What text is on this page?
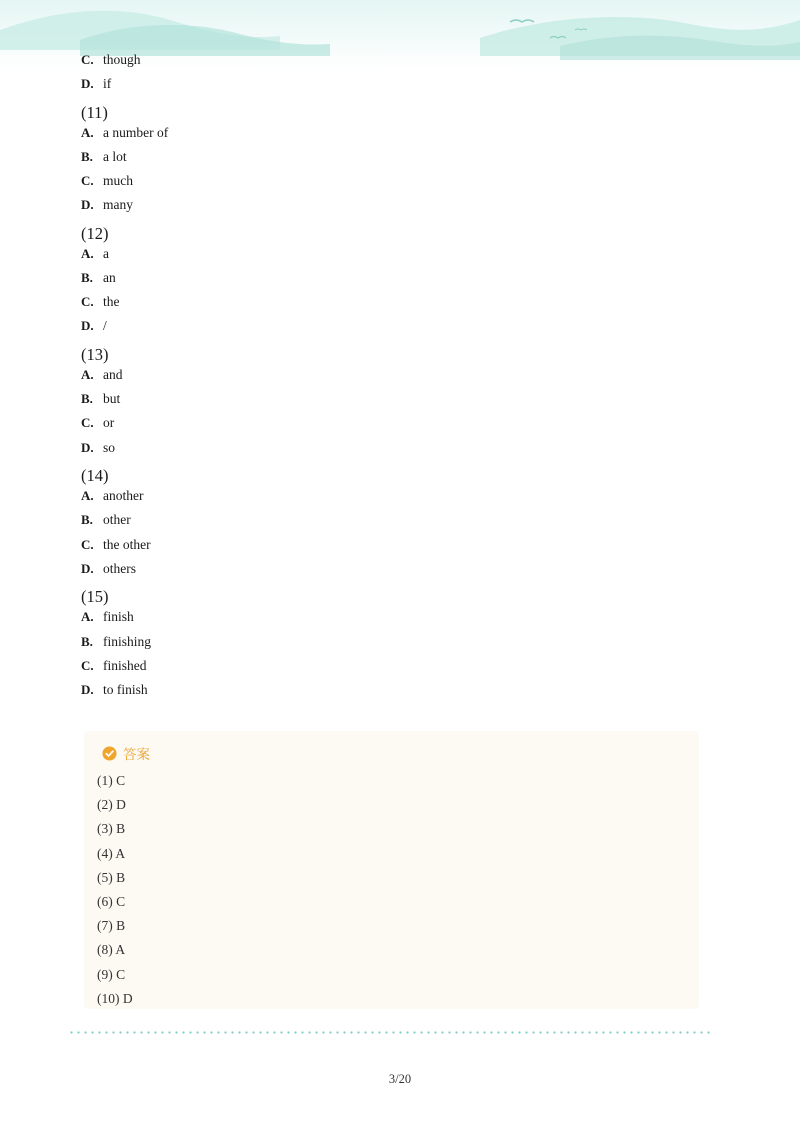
C. though
D. if
(11)
A. a number of
B. a lot
C. much
D. many
(12)
A. a
B. an
C. the
D. /
(13)
A. and
B. but
C. or
D. so
(14)
A. another
B. other
C. the other
D. others
(15)
A. finish
B. finishing
C. finished
D. to finish
答案
(1) C
(2) D
(3) B
(4) A
(5) B
(6) C
(7) B
(8) A
(9) C
(10) D
3/20
